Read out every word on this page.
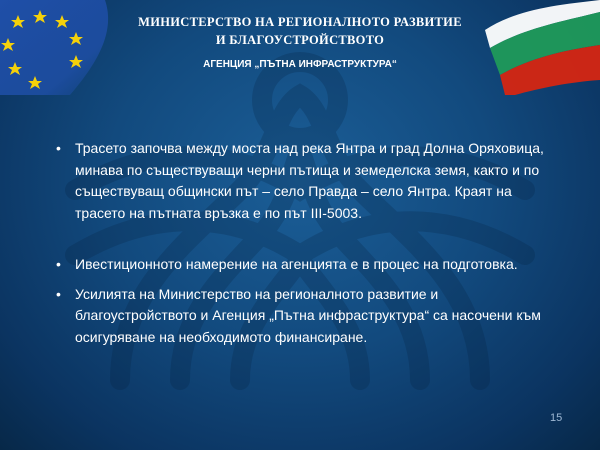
МИНИСТЕРСТВО НА РЕГИОНАЛНОТО РАЗВИТИЕ
И БЛАГОУСТРОЙСТВОТО
АГЕНЦИЯ „ПЪТНА ИНФРАСТРУКТУРА“
• Трасето започва между моста над река Янтра и град Долна Оряховица, минава по съществуващи черни пътища и земеделска земя, както и по съществуващ общински път – село Правда – село Янтра. Краят на трасето на пътната връзка е по път III-5003.
• Ивестиционното намерение на агенцията е в процес на подготовка.
• Усилията на Министерство на регионалното развитие и благоустройството и Агенция „Пътна инфраструктура“ са насочени към осигуряване на необходимото финансиране.
15
